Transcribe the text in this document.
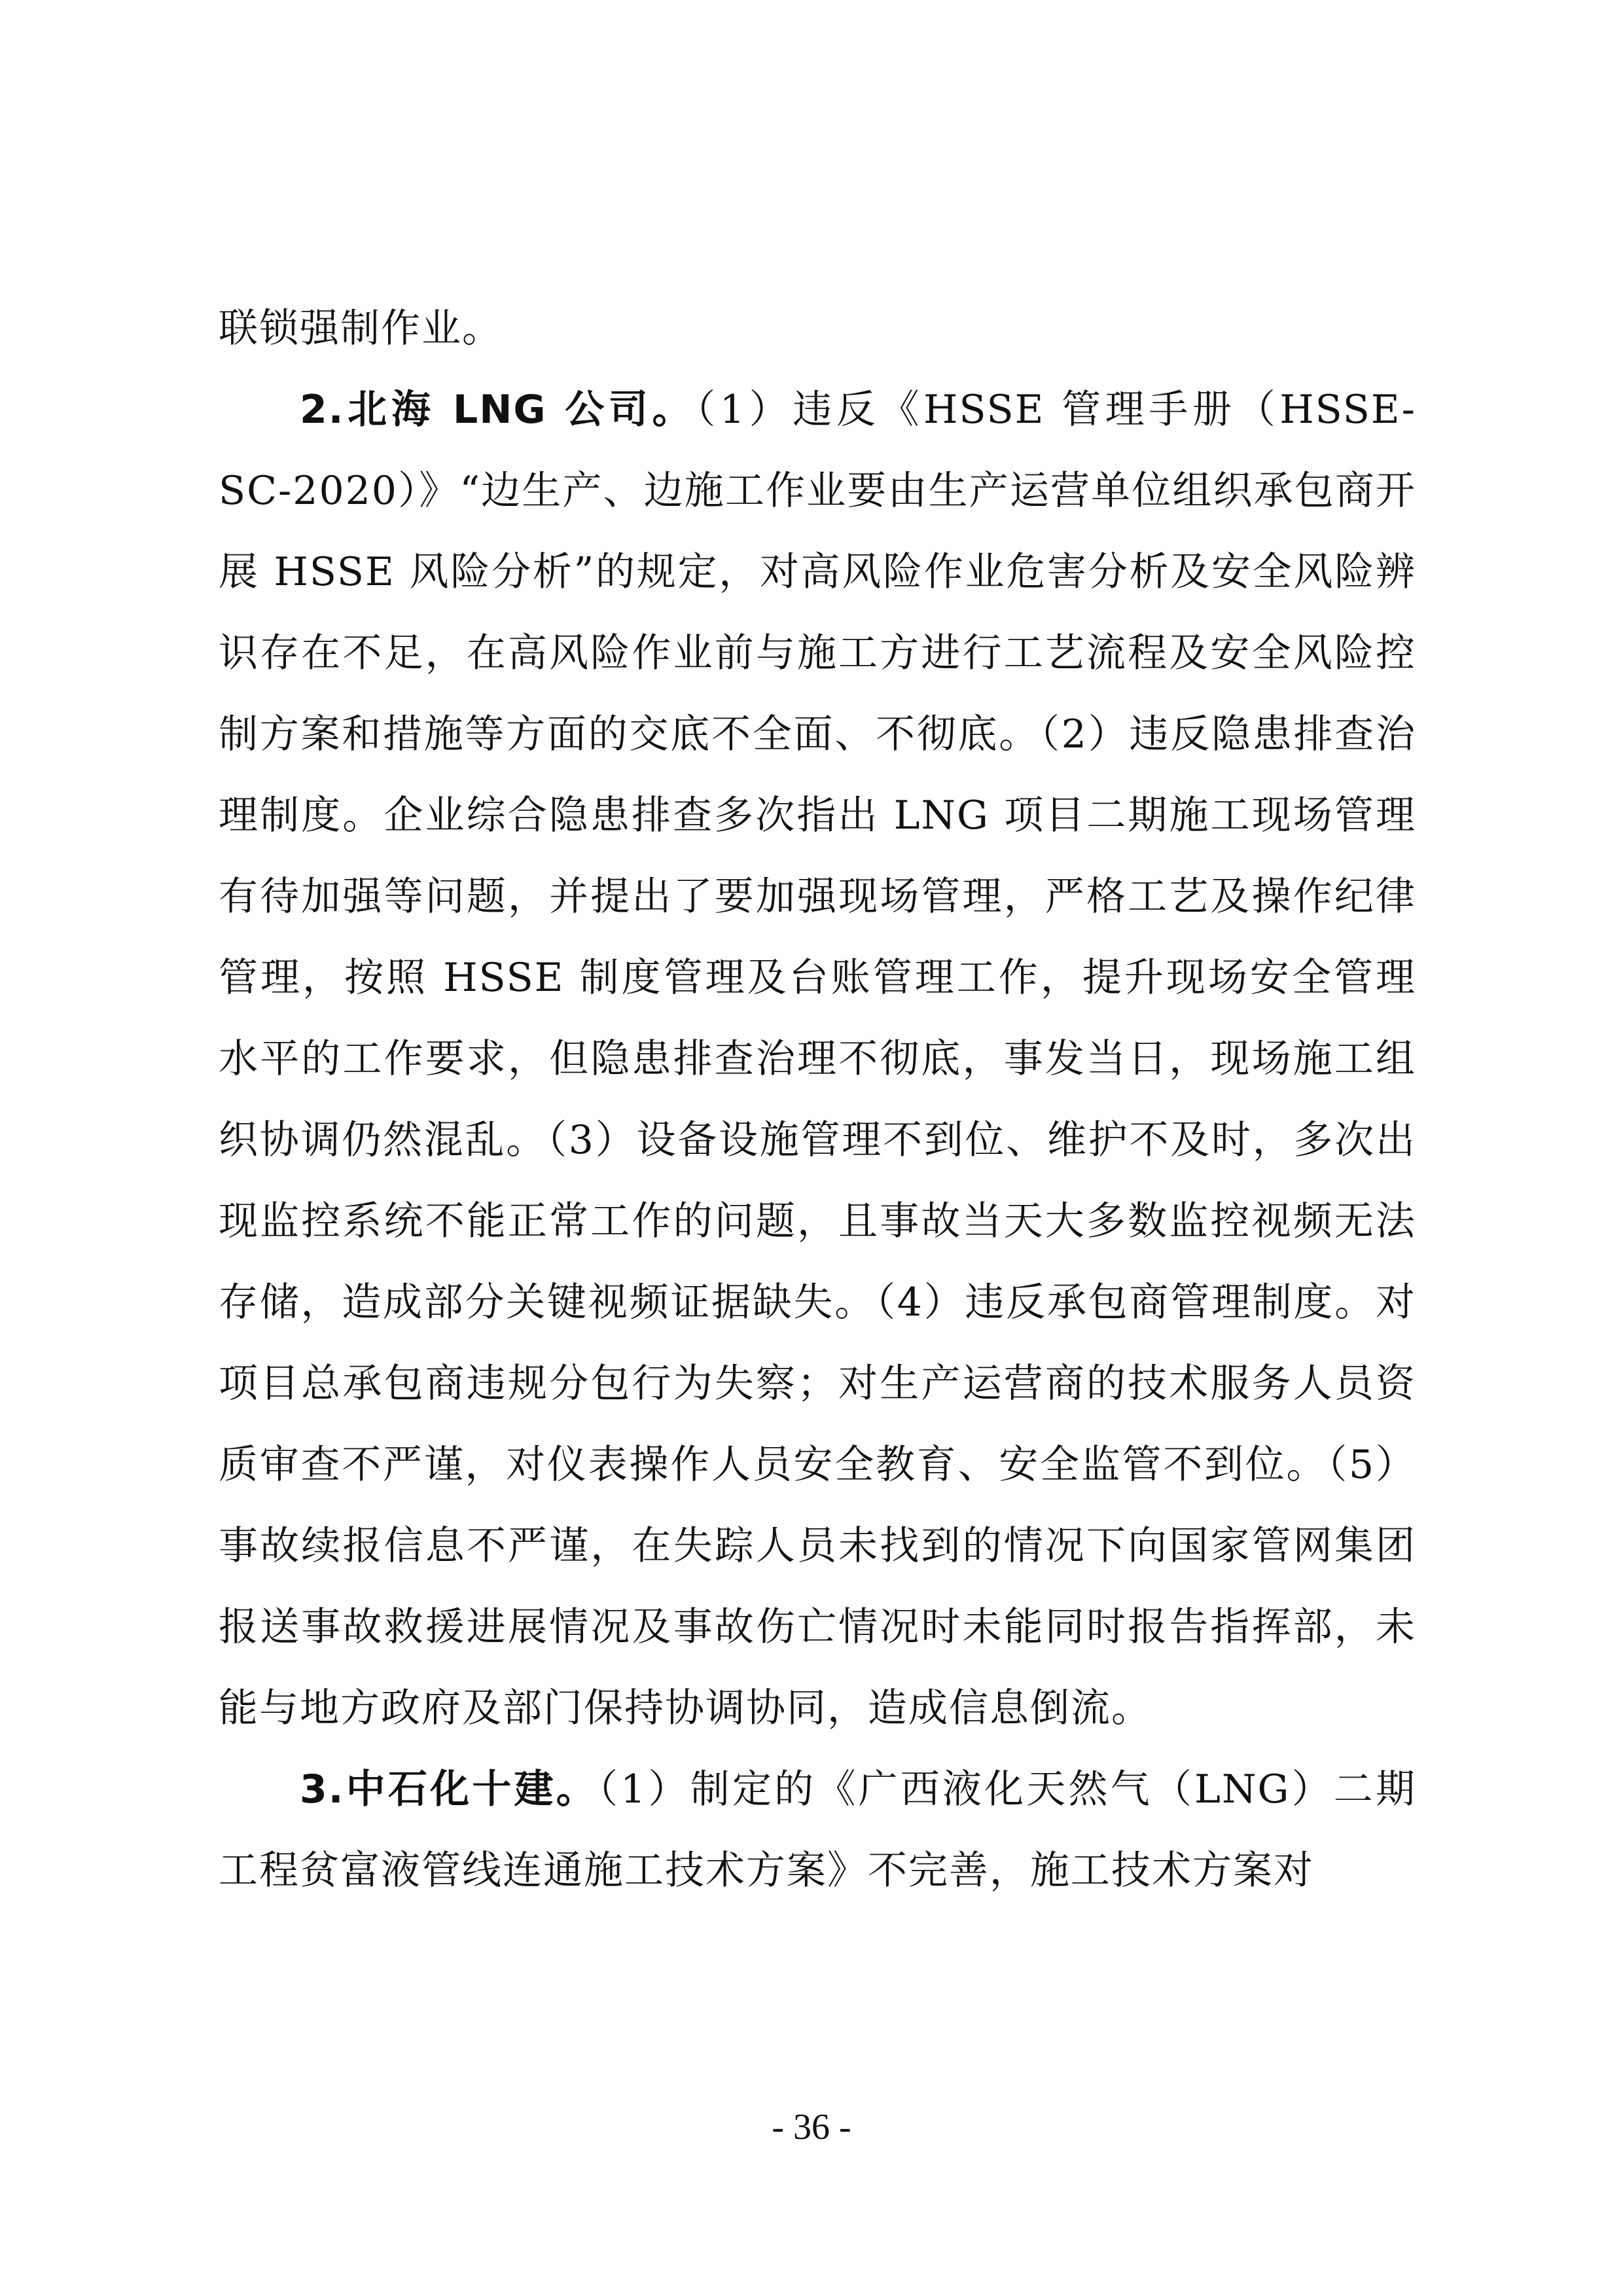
联锁强制作业。

2.北海 LNG 公司。（1）违反《HSSE 管理手册（HSSE-SC-2020）》“边生产、边施工作业要由生产运营单位组织承包商开展 HSSE 风险分析”的规定，对高风险作业危害分析及安全风险辨识存在不足，在高风险作业前与施工方进行工艺流程及安全风险控制方案和措施等方面的交底不全面、不彻底。（2）违反隐患排查治理制度。企业综合隐患排查多次指出 LNG 项目二期施工现场管理有待加强等问题，并提出了要加强现场管理，严格工艺及操作纪律管理，按照 HSSE 制度管理及台账管理工作，提升现场安全管理水平的工作要求，但隐患排查治理不彻底，事发当日，现场施工组织协调仍然混乱。（3）设备设施管理不到位、维护不及时，多次出现监控系统不能正常工作的问题，且事故当天大多数监控视频无法存储，造成部分关键视频证据缺失。（4）违反承包商管理制度。对项目总承包商违规分包行为失察；对生产运营商的技术服务人员资质审查不严谨，对仪表操作人员安全教育、安全监管不到位。（5）事故续报信息不严谨，在失踪人员未找到的情况下向国家管网集团报送事故救援进展情况及事故伤亡情况时未能同时报告指挥部，未能与地方政府及部门保持协调协同，造成信息倒流。

3.中石化十建。（1）制定的《广西液化天然气（LNG）二期工程贫富液管线连通施工技术方案》不完善，施工技术方案对

- 36 -
